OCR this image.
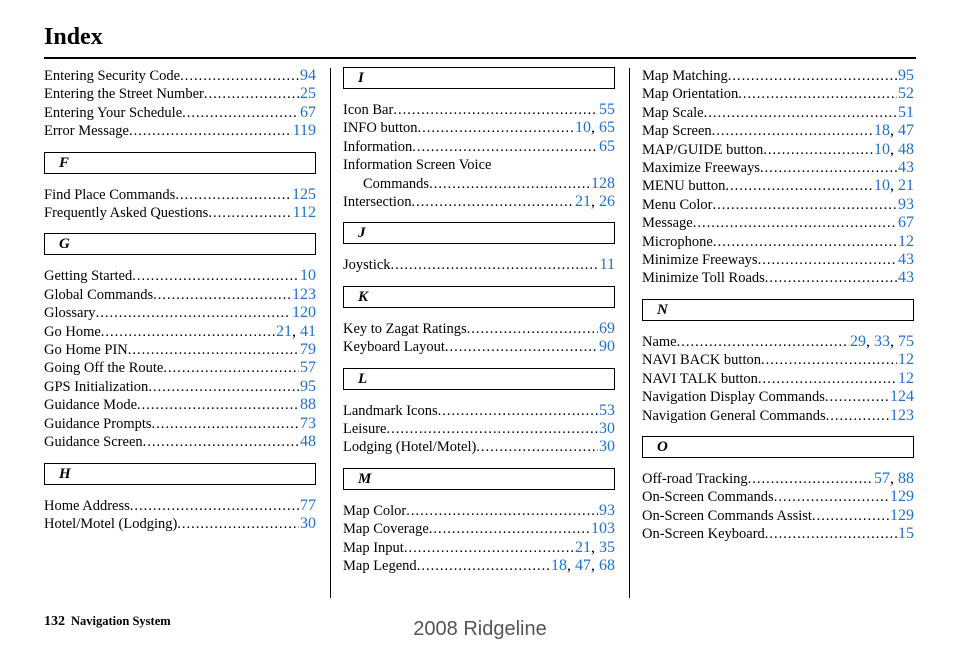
Index
Entering Security Code .....	94
Entering the Street Number .....	25
Entering Your Schedule .....	67
Error Message .....	119
F
Find Place Commands .....	125
Frequently Asked Questions .....	112
G
Getting Started .....	10
Global Commands .....	123
Glossary .....	120
Go Home .....	21, 41
Go Home PIN .....	79
Going Off the Route .....	57
GPS Initialization .....	95
Guidance Mode .....	88
Guidance Prompts .....	73
Guidance Screen .....	48
H
Home Address .....	77
Hotel/Motel (Lodging) .....	30
I
Icon Bar .....	55
INFO button .....	10, 65
Information .....	65
Information Screen Voice
Commands .....	128
Intersection .....	21, 26
J
Joystick .....	11
K
Key to Zagat Ratings .....	69
Keyboard Layout .....	90
L
Landmark Icons .....	53
Leisure .....	30
Lodging (Hotel/Motel) .....	30
M
Map Color .....	93
Map Coverage .....	103
Map Input .....	21, 35
Map Legend .....	18, 47, 68
Map Matching .....	95
Map Orientation .....	52
Map Scale .....	51
Map Screen .....	18, 47
MAP/GUIDE button .....	10, 48
Maximize Freeways .....	43
MENU button .....	10, 21
Menu Color .....	93
Message .....	67
Microphone .....	12
Minimize Freeways .....	43
Minimize Toll Roads .....	43
N
Name .....	29, 33, 75
NAVI BACK button .....	12
NAVI TALK button .....	12
Navigation Display Commands .....	124
Navigation General Commands .....	123
O
Off-road Tracking .....	57, 88
On-Screen Commands .....	129
On-Screen Commands Assist .....	129
On-Screen Keyboard .....	15
132 Navigation System	2008 Ridgeline
